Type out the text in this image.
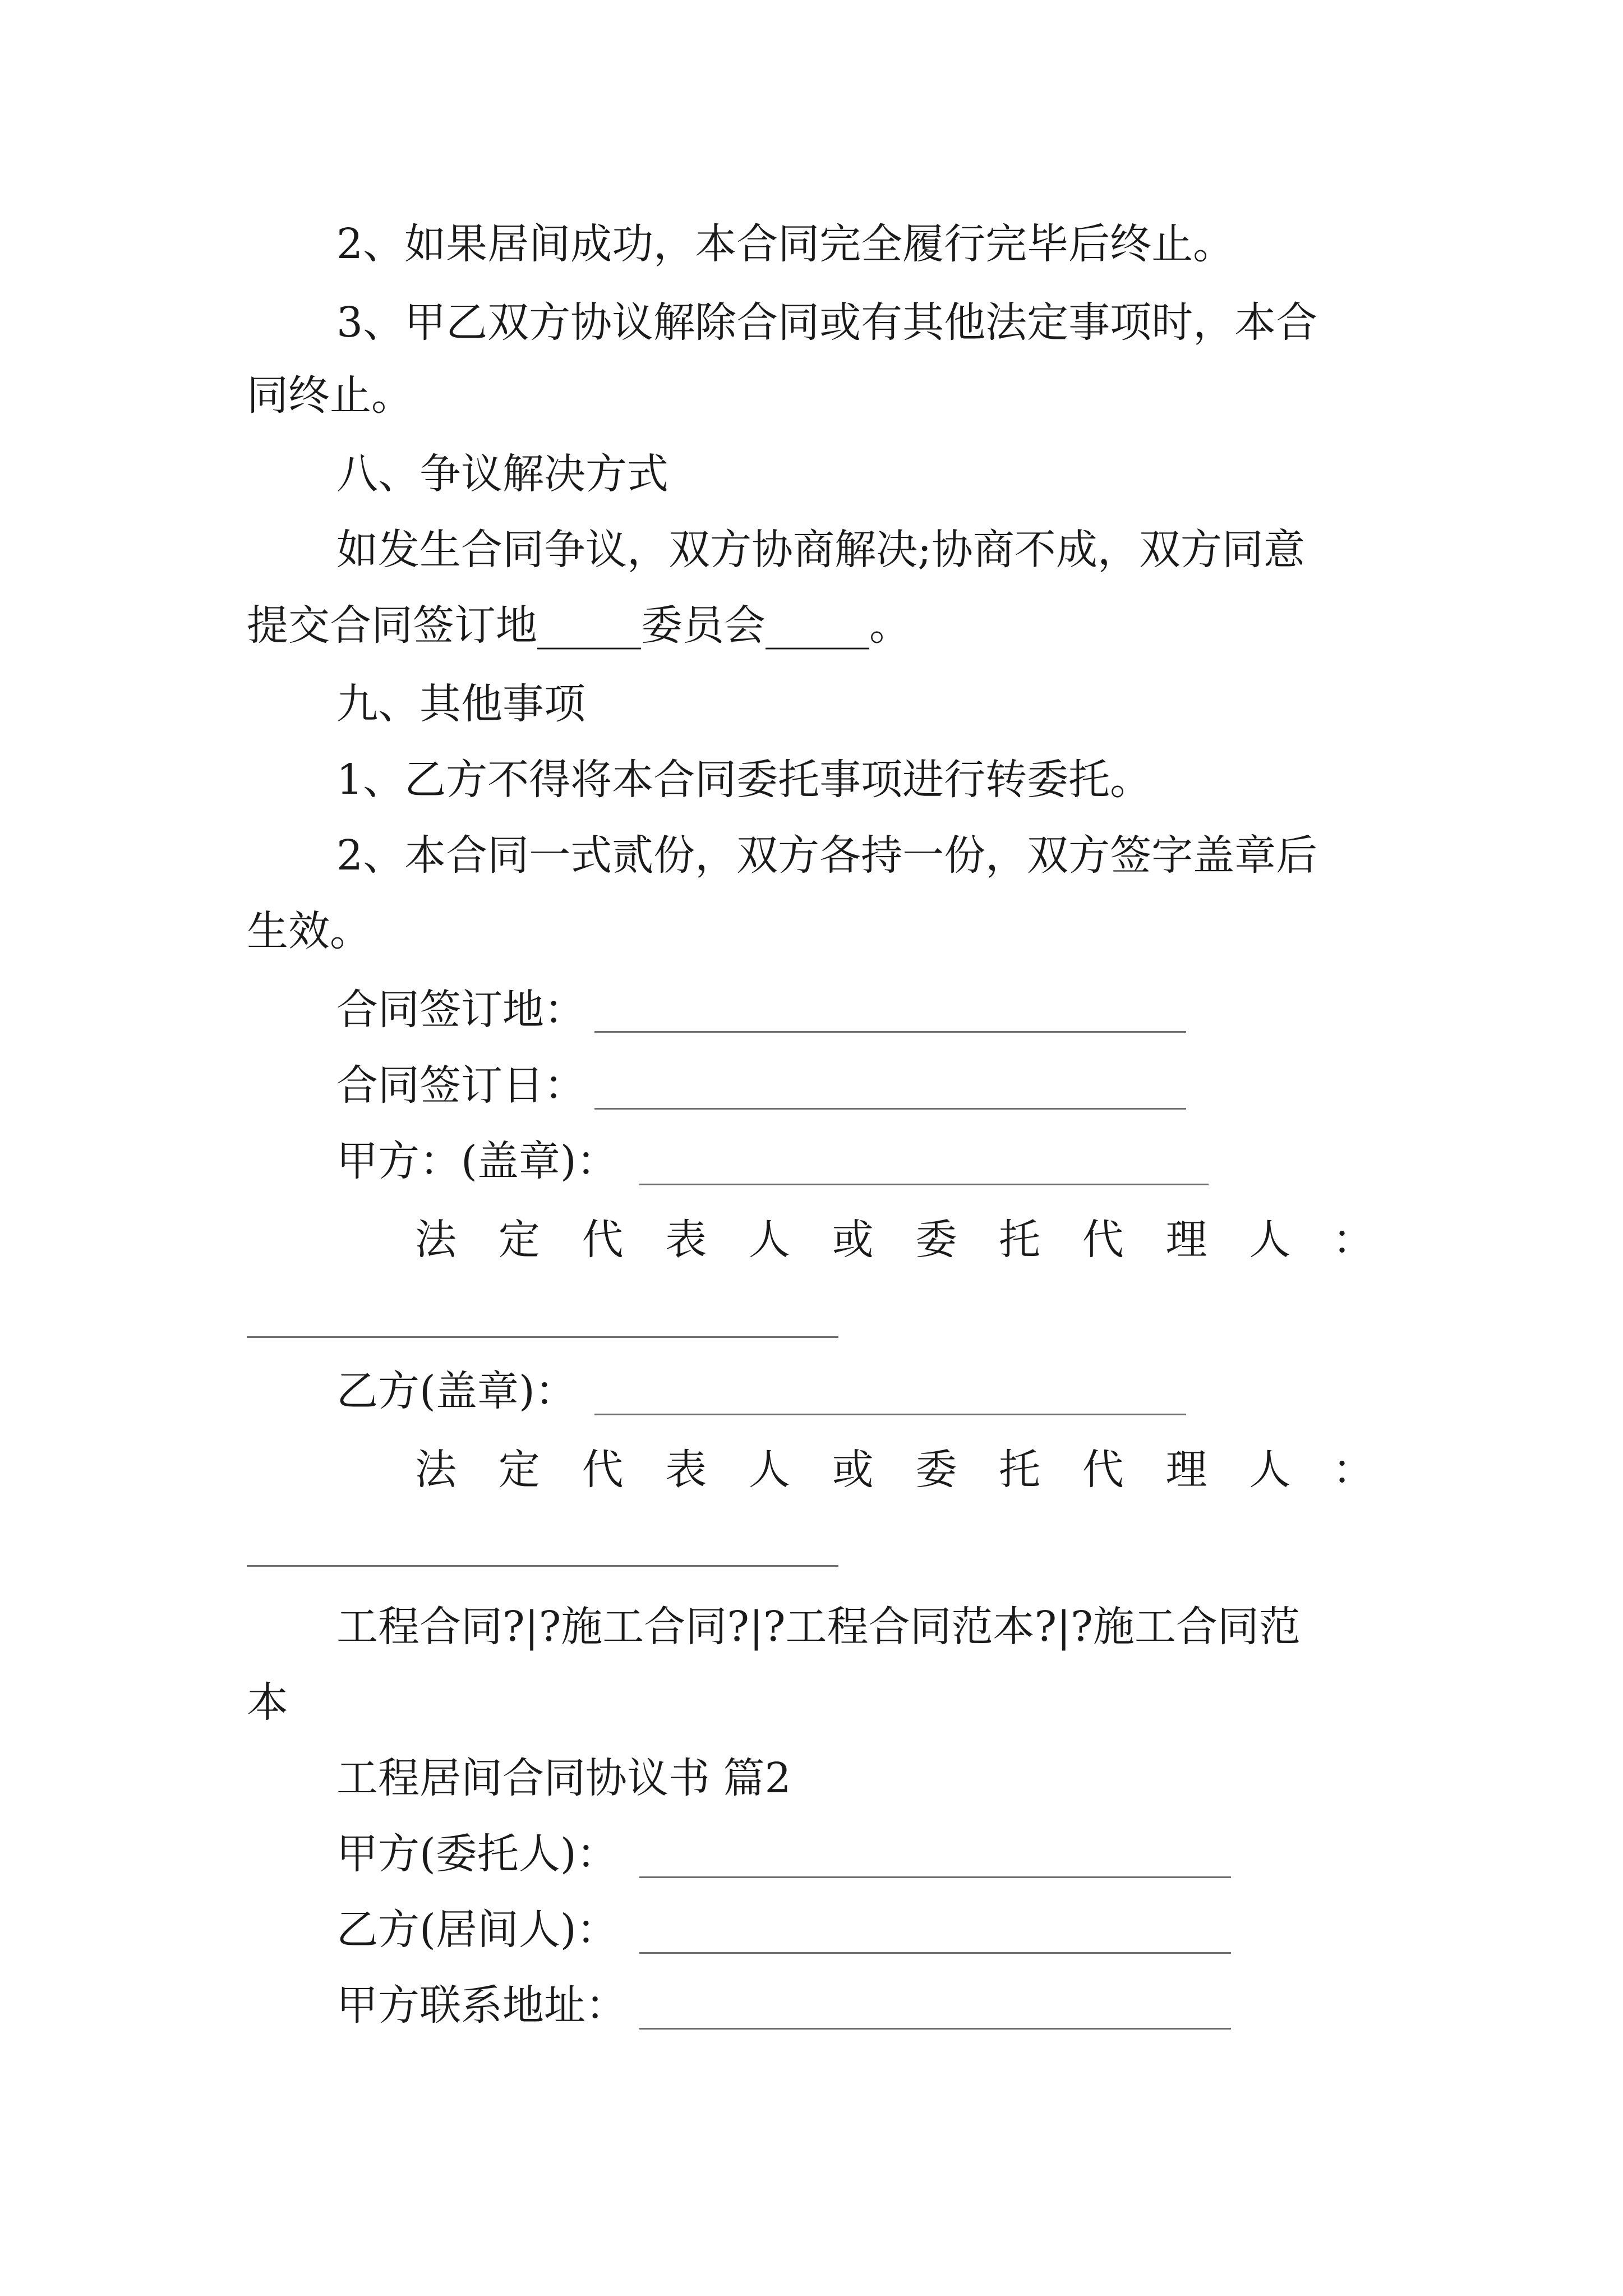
2、如果居间成功，本合同完全履行完毕后终止。
3、甲乙双方协议解除合同或有其他法定事项时，本合
同终止。
八、争议解决方式
如发生合同争议，双方协商解决;协商不成，双方同意
提交合同签订地_____委员会_____。
九、其他事项
1、乙方不得将本合同委托事项进行转委托。
2、本合同一式贰份，双方各持一份，双方签字盖章后
生效。
合同签订地：
合同签订日：
甲方：(盖章)：
法 定 代 表 人 或 委 托 代 理 人 ：
乙方(盖章)：
法 定 代 表 人 或 委 托 代 理 人 ：
工程合同?|?施工合同?|?工程合同范本?|?施工合同范
本
工程居间合同协议书 篇2
甲方(委托人)：
乙方(居间人)：
甲方联系地址：
